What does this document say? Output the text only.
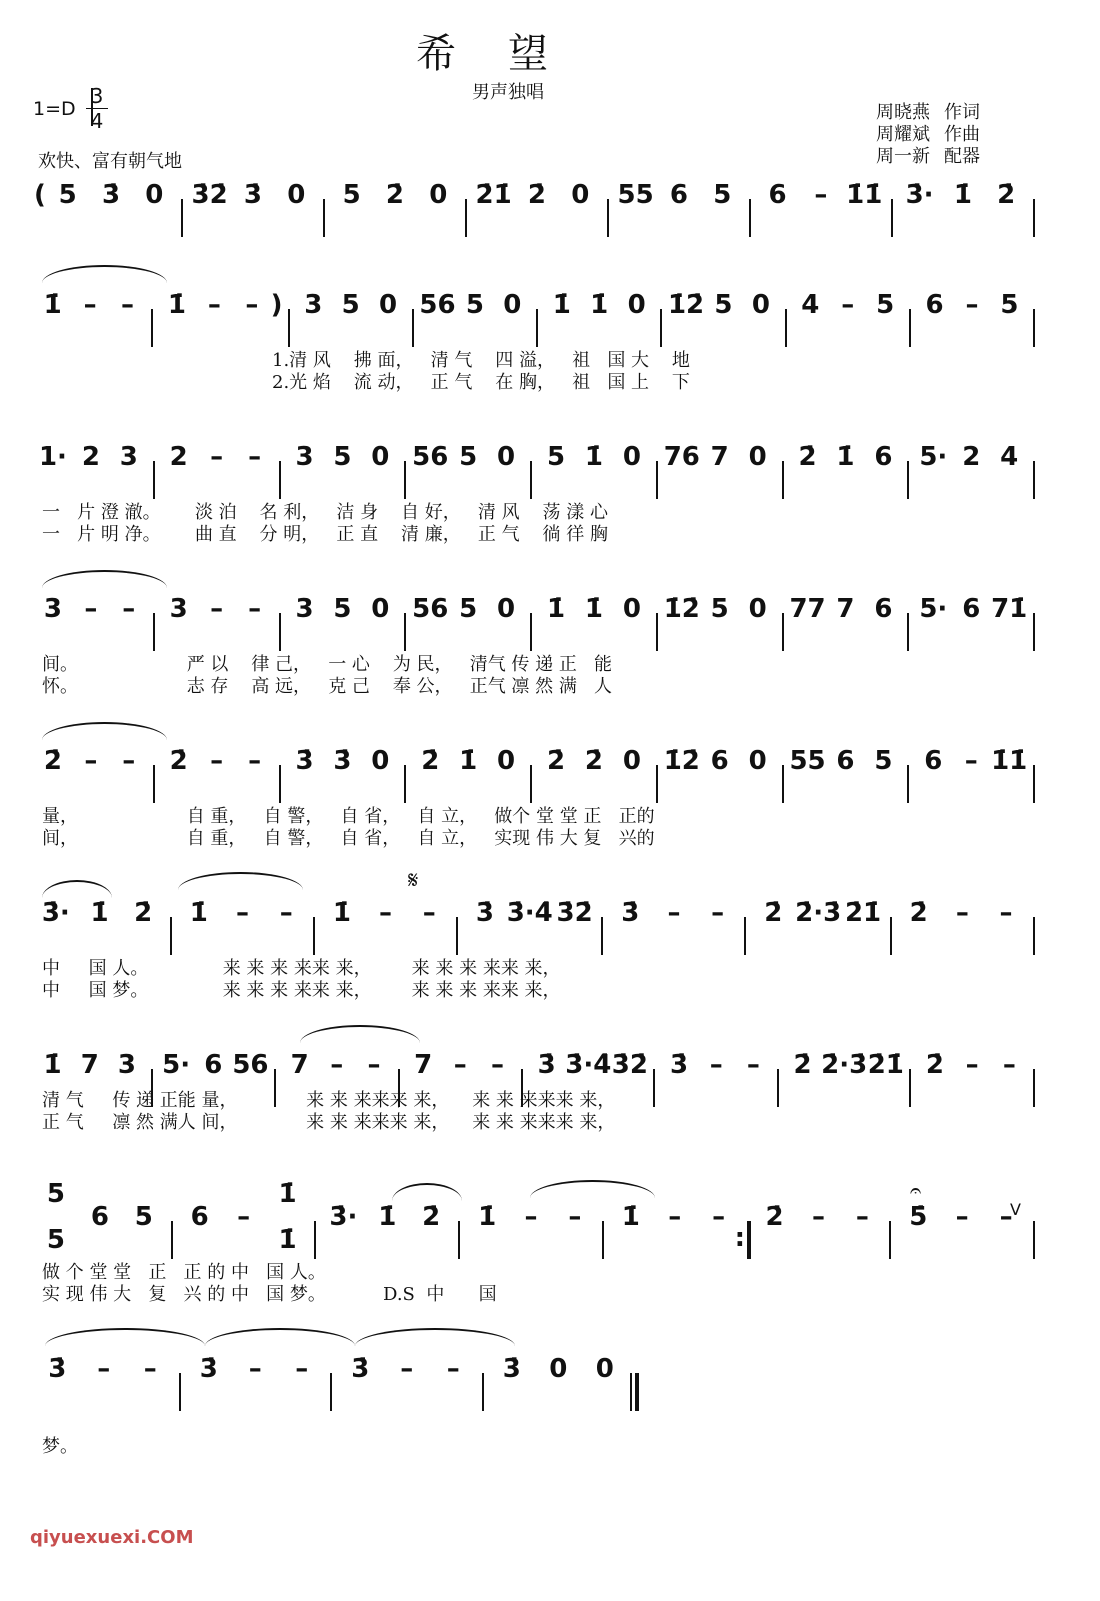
希望
男声独唱
$1=D \frac{3}{4}$
欢快、富有朝气地
周晓燕 作词
周耀斌 作曲
周一新 配器
( 5 3̇ 0	3̇2̇ 3̇ 0	5 2̇ 0	2̇1̇ 2̇ 0	55 6 5	6	– 1̇1̇ 3̇· 1̇ 2̇
1̇ – –	1̇ – – ) 3 5 0 56 5 0	1̇ 1̇ 0 1̇2̇ 5 0	4 – 5	6 – 5
1.清 风    拂 面，   清 气    四 溢，   祖   国 大    地
2.光 焰    流 动，   正 气    在 胸，   祖   国 上    下
1· 2 3	2 – –	3 5 0 56 5 0	5 1̇ 0 76 7 0	2̇ 1̇ 6	5· 2 4
一   片 澄 澈。      淡 泊    名 利，   洁 身    自 好，   清 风    荡 漾 心
一   片 明 净。      曲 直    分 明，   正 直    清 廉，   正 气    徜 徉 胸
3 – –	3 – –	3 5 0 56 5 0	1̇ 1̇ 0 1̇2̇ 5 0 77 7 6	5· 6 71̇
间。                   严 以    律 己，   一 心    为 民，   清气 传 递 正   能
怀。                   志 存    高 远，   克 己    奉 公，   正气 凛 然 满   人
2̇ – –	2̇ – –	3̇ 3̇ 0	2̇ 1̇ 0	2̇ 2̇ 0 1̇2̇ 6 0 55 6 5	6 – 1̇1̇
量，                   自 重，   自 警，   自 省，   自 立，   做个 堂 堂 正   正的
间，                   自 重，   自 警，   自 省，   自 立，   实现 伟 大 复   兴的
3̇· 1̇ 2̇	1̇	–	–	1̇	–	–	3̇ 3̇·4̇ 3̇2̇	3̇	–	–	2̇ 2̇·3̇ 2̇1̇	2̇	–	–
中     国 人。             来 来 来 来来 来，       来 来 来 来来 来，
中     国 梦。             来 来 来 来来 来，       来 来 来 来来 来，
1̇ 7 3	5· 6 56 7 – –	7 – –	3̇ 3̇·4̇ 3̇2̇ 3̇ – –	2̇ 2̇·3̇ 2̇1̇ 2̇ – –
清 气     传 递 正能 量，            来 来 来来来 来，    来 来 来来来 来，
正 气     凛 然 满人 间，            来 来 来来来 来，    来 来 来来来 来，
5 5
6 5	6	–
1̇ 1̇
3̇· 1̇ 2̇	1̇	–	–	1̇	–	–	2̇	–	–	5̇	–	–
做 个 堂 堂   正   正 的 中   国 人。
实 现 伟 大   复   兴 的 中   国 梦。          D.S  中      国
3̇	–	–	3̇	–	–	3̇	–	–	3̇	0	0
梦。
𝄋
𝄐
V
qiyuexuexi.COM
